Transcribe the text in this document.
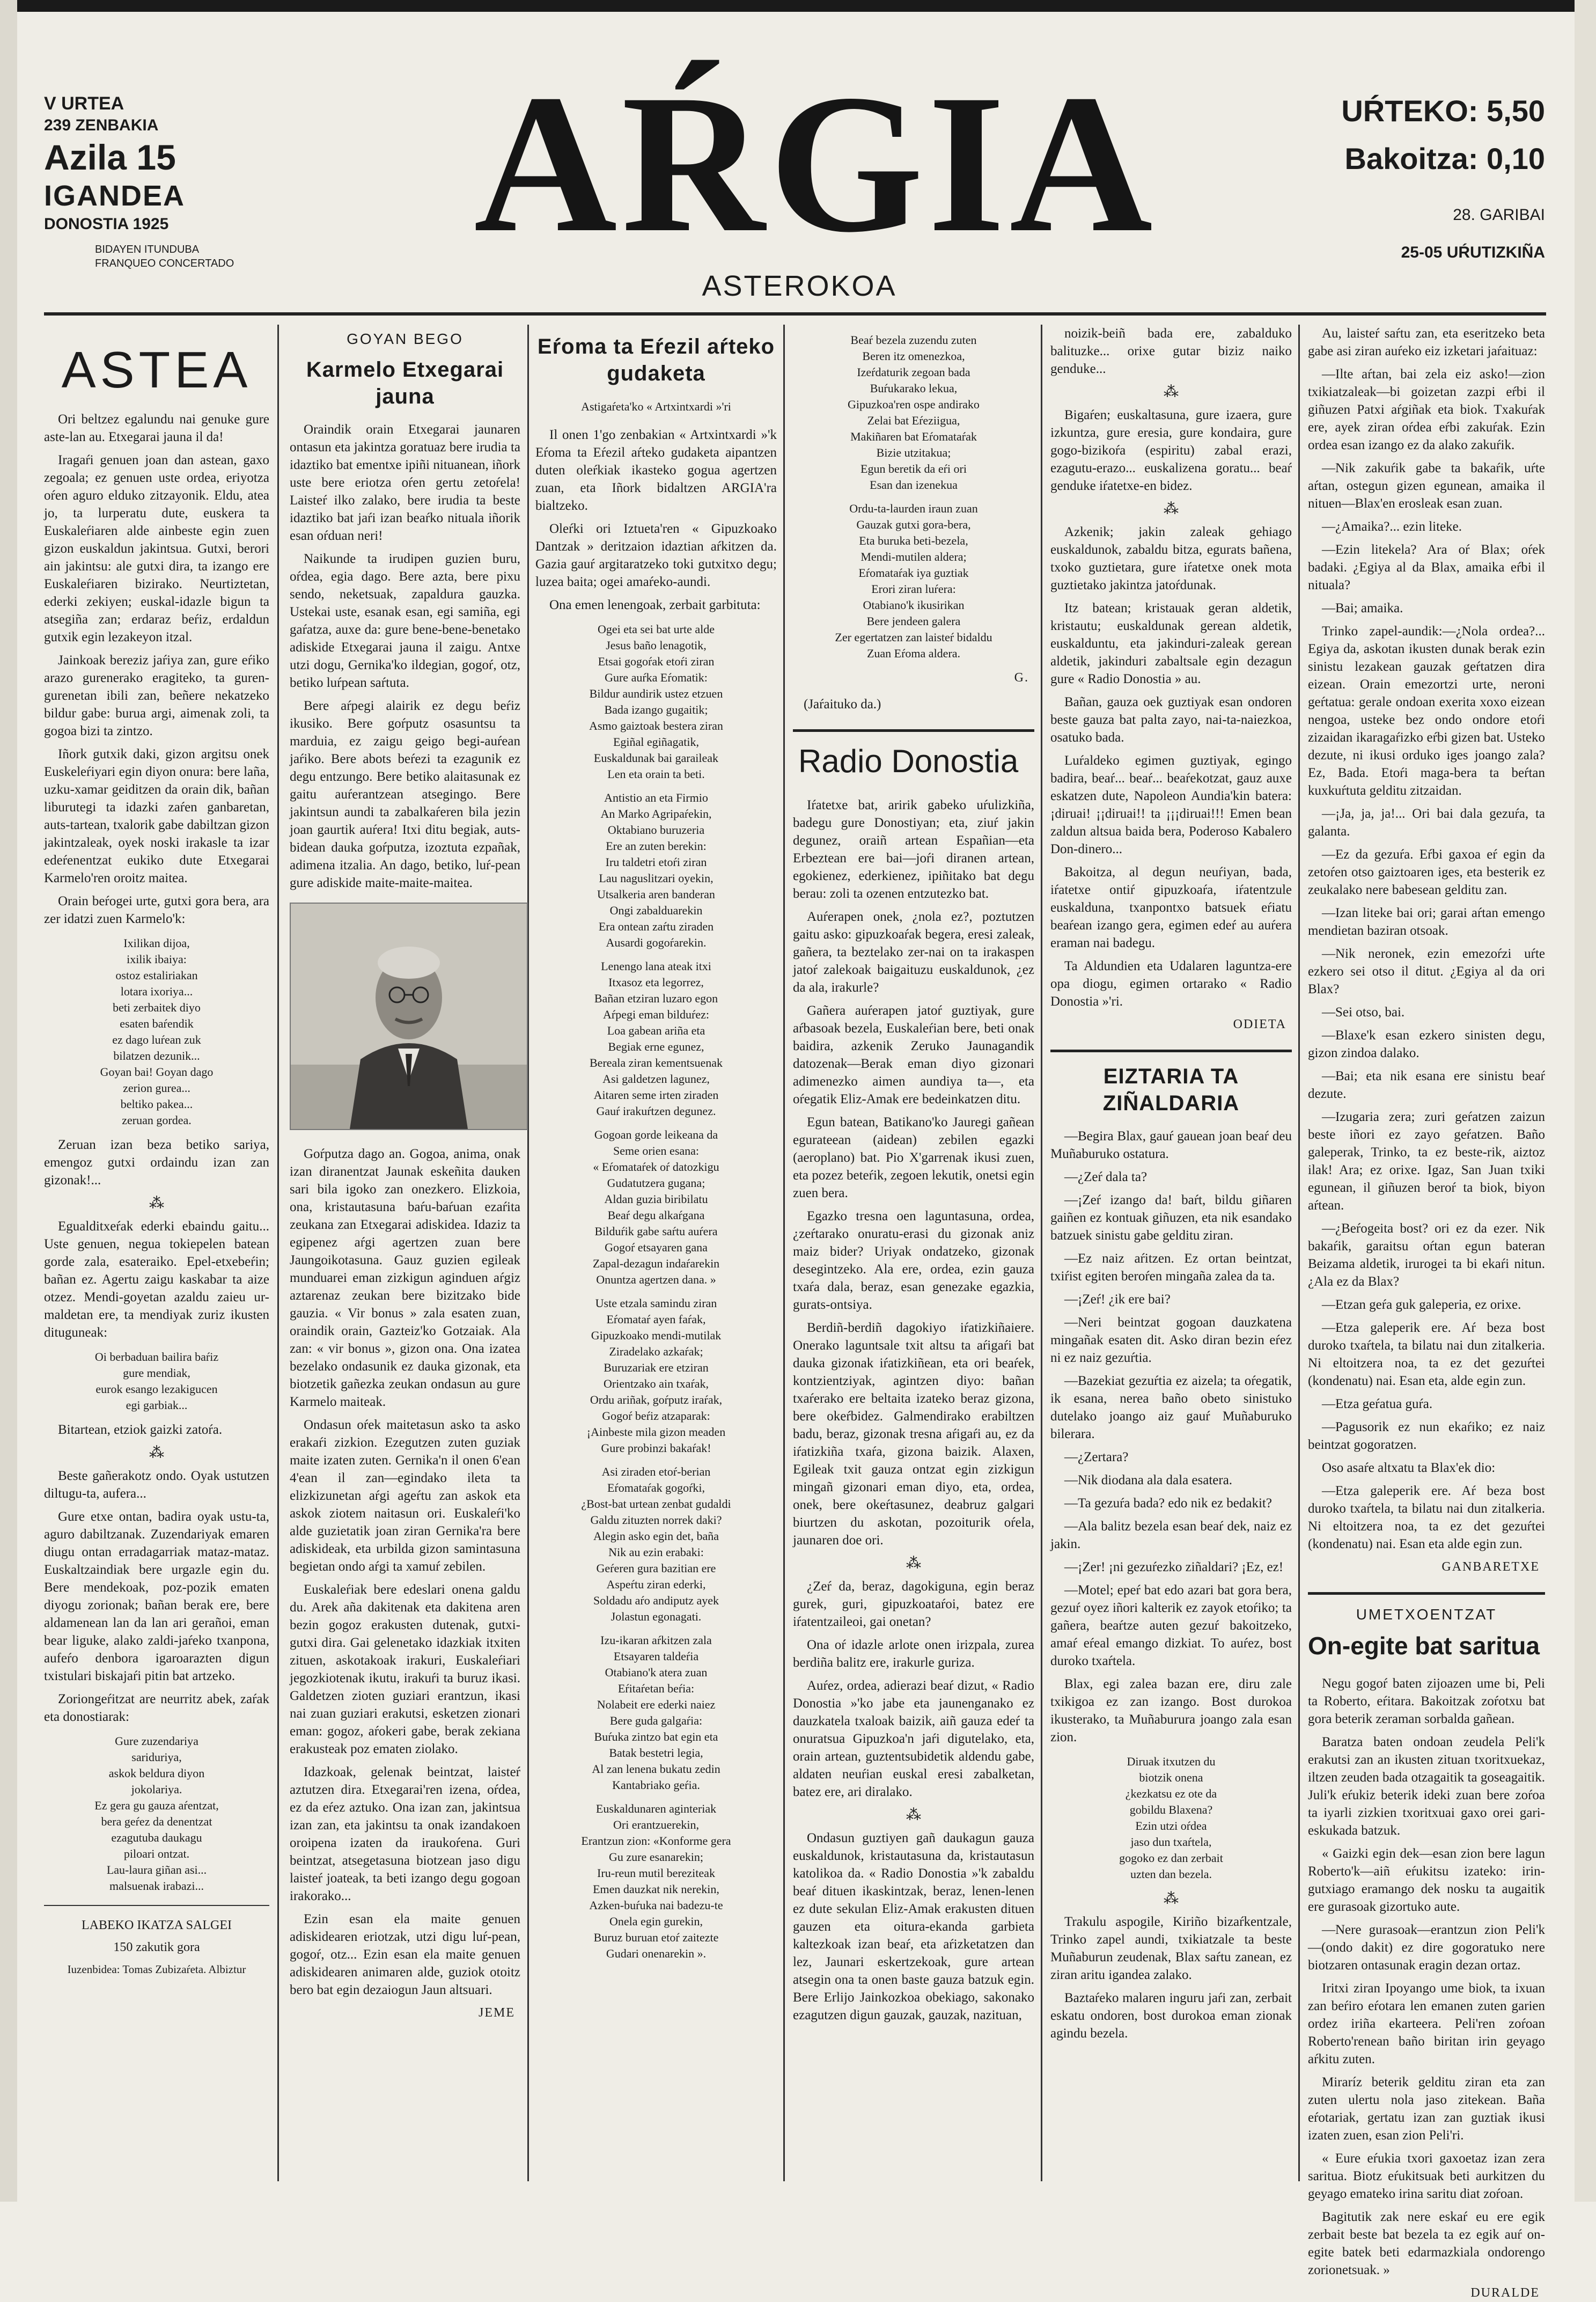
V URTEA
239 ZENBAKIA
Azila 15
IGANDEA
DONOSTIA 1925
BIDAYEN ITUNDUBA
FRANQUEO CONCERTADO AŔGIA
ASTEROKOA
UŔTEKO: 5,50
Bakoitza: 0,10
28. GARIBAI
25-05 UŔUTIZKIÑA
ASTEA

Ori beltzez egalundu nai genuke gure aste-lan au. Etxegarai jauna il da!

Iragaŕi genuen joan dan astean, gaxo zegoala; ez genuen uste ordea, eriyotza oŕen aguro elduko zitzayonik. Eldu, atea jo, ta lurperatu dute, euskera ta Euskaleŕiaren alde ainbeste egin zuen gizon euskaldun jakintsua. Gutxi, berori ain jakintsu: ale gutxi dira, ta izango ere Euskaleŕiaren bizirako. Neurtiztetan, ederki zekiyen; euskal-idazle bigun ta atsegiña zan; erdaraz beŕiz, erdaldun gutxik egin lezakeyon itzal.

Jainkoak bereziz jaŕiya zan, gure eŕiko arazo gurenerako eragiteko, ta guren-gurenetan ibili zan, beñere nekatzeko bildur gabe: burua argi, aimenak zoli, ta gogoa bizi ta zintzo.

Iñork gutxik daki, gizon argitsu onek Euskeleŕiyari egin diyon onura: bere laña, uzku-xamar geiditzen da orain dik, bañan liburutegi ta idazki zaŕen ganbaretan, auts-tartean, txalorik gabe dabiltzan gizon jakintzaleak, oyek noski irakasle ta izar edeŕenentzat eukiko dute Etxegarai Karmelo'ren oroitz maitea.

Orain beŕogei urte, gutxi gora bera, ara zer idatzi zuen Karmelo'k:

Ixilikan dijoa,
ixilik ibaiya:
ostoz estaliriakan
lotara ixoriya...
beti zerbaitek diyo
esaten baŕendik
ez dago luŕean zuk
bilatzen dezunik...
Goyan bai! Goyan dago
zerion gurea...
beltiko pakea...
zeruan gordea.

Zeruan izan beza betiko sariya, emengoz gutxi ordaindu izan zan gizonak!...

⁂

Egualditxeŕak ederki ebaindu gaitu... Uste genuen, negua tokiepelen batean gorde zala, esateraiko. Epel-etxebeŕin; bañan ez. Agertu zaigu kaskabar ta aize otzez. Mendi-goyetan azaldu zaieu ur-maldetan ere, ta mendiyak zuriz ikusten dituguneak:

Oi berbaduan bailira baŕiz
gure mendiak,
eurok esango lezakigucen
egi garbiak...

Bitartean, etziok gaizki zatoŕa.

⁂

Beste gañerakotz ondo. Oyak ustutzen diltugu-ta, aufera...

Gure etxe ontan, badira oyak ustu-ta, aguro dabiltzanak. Zuzendariyak emaren diugu ontan erradagarriak mataz-mataz. Euskaltzaindiak bere urgazle egin du. Bere mendekoak, poz-pozik ematen diyogu zorionak; bañan berak ere, bere aldamenean lan da lan ari gerañoi, eman bear liguke, alako zaldi-jaŕeko txanpona, aufeŕo denbora igaroarazten digun txistulari biskajaŕi pitin bat artzeko.

Zoriongeŕitzat are neurritz abek, zaŕak eta donostiarak:

Gure zuzendariya
sariduriya,
askok beldura diyon
jokolariya.
Ez gera gu gauza aŕentzat,
bera geŕez da denentzat
ezagutuba daukagu
piloari ontzat.
Lau-laura giñan asi...
malsuenak irabazi...
LABEKO IKATZA SALGEI
150 zakutik gora
Iuzenbidea: Tomas Zubizaŕeta. Albiztur
GOYAN BEGO
Karmelo Etxegarai jauna

Oraindik orain Etxegarai jaunaren ontasun eta jakintza goratuaz bere irudia ta idaztiko bat ementxe ipiñi nituanean, iñork uste bere eriotza oŕen gertu zetoŕela! Laisteŕ ilko zalako, bere irudia ta beste idaztiko bat jaŕi izan beaŕko nituala iñorik esan oŕduan neri!

Naikunde ta irudipen guzien buru, oŕdea, egia dago. Bere azta, bere pixu sendo, neketsuak, zapaldura gauzka. Ustekai uste, esanak esan, egi samiña, egi gaŕatza, auxe da: gure bene-bene-benetako adiskide Etxegarai jauna il zaigu. Antxe utzi dogu, Gernika'ko ildegian, gogoŕ, otz, betiko luŕpean saŕtuta.

Bere aŕpegi alairik ez degu beŕiz ikusiko. Bere goŕputz osasuntsu ta marduia, ez zaigu geigo begi-auŕean jaŕiko. Bere abots beŕezi ta ezagunik ez degu entzungo. Bere betiko alaitasunak ez gaitu auŕerantzean atsegingo. Bere jakintsun aundi ta zabalkaŕeren bila jezin joan gaurtik auŕera! Itxi ditu begiak, auts-bidean dauka goŕputza, izoztuta ezpañak, adimena itzalia. An dago, betiko, luŕ-pean gure adiskide maite-maite-maitea.

Goŕputza dago an. Gogoa, anima, onak izan diranentzat Jaunak eskeñita dauken sari bila igoko zan onezkero. Elizkoia, ona, kristautasuna baŕu-baŕuan ezaŕita zeukana zan Etxegarai adiskidea. Idaziz ta egipenez aŕgi agertzen zuan bere Jaungoikotasuna. Gauz guzien egileak munduarei eman zizkigun aginduen aŕgiz aztarenaz zeukan bere bizitzako bide gauzia. « Vir bonus » zala esaten zuan, oraindik orain, Gazteiz'ko Gotzaiak. Ala zan: « vir bonus », gizon ona. Ona izatea bezelako ondasunik ez dauka gizonak, eta biotzetik gañezka zeukan ondasun au gure Karmelo maiteak.

Ondasun oŕek maitetasun asko ta asko erakaŕi zizkion. Ezegutzen zuten guziak maite izaten zuten. Gernika'n il onen 6'ean 4'ean il zan—egindako ileta ta elizkizunetan aŕgi ageŕtu zan askok eta askok ziotem naitasun ori. Euskaleŕi'ko alde guzietatik joan ziran Gernika'ra bere adiskideak, eta urbilda gizon samintasuna begietan ondo aŕgi ta xamuŕ zebilen.

Euskaleŕiak bere edeslari onena galdu du. Arek aña dakitenak eta dakitena aren bezin gogoz erakusten dutenak, gutxi-gutxi dira. Gai gelenetako idazkiak itxiten zituen, askotakoak irakuri, Euskaleŕiari jegozkiotenak ikutu, irakuŕi ta buruz ikasi. Galdetzen zioten guziari erantzun, ikasi nai zuan guziari erakutsi, esketzen zionari eman: gogoz, aŕokeri gabe, berak zekiana erakusteak poz ematen ziolako.

Idazkoak, gelenak beintzat, laisteŕ aztutzen dira. Etxegarai'ren izena, oŕdea, ez da eŕez aztuko. Ona izan zan, jakintsua izan zan, eta jakintsu ta onak izandakoen oroipena izaten da iraukoŕena. Guri beintzat, atsegetasuna biotzean jaso digu laisteŕ joateak, ta beti izango degu gogoan irakorako...

Ezin esan ela maite genuen adiskidearen eriotzak, utzi digu luŕ-pean, gogoŕ, otz... Ezin esan ela maite genuen adiskidearen animaren alde, guziok otoitz bero bat egin dezaiogun Jaun altsuari.

JEME
Eŕoma ta Eŕezil aŕteko gudaketa
Astigaŕeta'ko « Artxintxardi »'ri

Il onen 1'go zenbakian « Artxintxardi »'k Eŕoma ta Eŕezil aŕteko gudaketa aipantzen duten oleŕkiak ikasteko gogua agertzen zuan, eta Iñork bidaltzen ARGIA'ra bialtzeko.

Oleŕki ori Iztueta'ren « Gipuzkoako Dantzak » deritzaion idaztian aŕkitzen da. Gazia gauŕ argitaratzeko toki gutxitxo degu; luzea baita; ogei amaŕeko-aundi.

Ona emen lenengoak, zerbait garbituta:

Ogei eta sei bat urte alde
Jesus baño lenagotik,
Etsai gogoŕak etoŕi ziran
Gure auŕka Eŕomatik:
Bildur aundirik ustez etzuen
Bada izango gugaitik;
Asmo gaiztoak bestera ziran
Egiñal egiñagatik,
Euskaldunak bai garaileak
Len eta orain ta beti.
Antistio an eta Firmio
An Marko Agripaŕekin,
Oktabiano buruzeria
Ere an zuten berekin:
Iru taldetri etoŕi ziran
Lau naguslitzari oyekin,
Utsalkeria aren banderan
Ongi zabalduarekin
Era ontean zaŕtu ziraden
Ausardi gogoŕarekin.
Lenengo lana ateak itxi
Itxasoz eta legorrez,
Bañan etziran luzaro egon
Aŕpegi eman bilduŕez:
Loa gabean ariña eta
Begiak erne egunez,
Bereala ziran kementsuenak
Asi galdetzen lagunez,
Aitaren seme irten ziraden
Gauŕ irakuŕtzen degunez.
Gogoan gorde leikeana da
Seme orien esana:
« Eŕomataŕek oŕ datozkigu
Gudatutzera gugana;
Aldan guzia biribilatu
Beaŕ degu alkaŕgana
Bilduŕik gabe saŕtu auŕera
Gogoŕ etsayaren gana
Zapal-dezagun indaŕarekin
Onuntza agertzen dana. »
Uste etzala samindu ziran
Eŕomataŕ ayen faŕak,
Gipuzkoako mendi-mutilak
Ziradelako azkaŕak;
Buruzariak ere etziran
Orientzako ain txaŕak,
Ordu ariñak, goŕputz iraŕak,
Gogoŕ beŕiz atzaparak:
¡Ainbeste mila gizon meaden
Gure probinzi bakaŕak!
Asi ziraden etoŕ-berian
Eŕomataŕak gogoŕki,
¿Bost-bat urtean zenbat gudaldi
Galdu zituzten norrek daki?
Alegin asko egin det, baña
Nik au ezin erabaki:
Geŕeren gura bazitian ere
Aspeŕtu ziran ederki,
Soldadu aŕo andiputz ayek
Jolastun egonagati.
Izu-ikaran aŕkitzen zala
Etsayaren taldeŕia
Otabiano'k atera zuan
Eŕitaŕetan beŕia:
Nolabeit ere ederki naiez
Bere guda galgaŕia:
Buŕuka zintzo bat egin eta
Batak bestetri legia,
Al zan lenena bukatu zedin
Kantabriako geŕia.
Euskaldunaren aginteriak
Ori erantzuerekin,
Erantzun zion: «Konforme gera
Gu zure esanarekin;
Iru-reun mutil bereziteak
Emen dauzkat nik nerekin,
Azken-buŕuka nai badezu-te
Onela egin gurekin,
Buruz buruan etoŕ zaitezte
Gudari onenarekin ».
Beaŕ bezela zuzendu zuten
Beren itz omenezkoa,
Izeŕdaturik zegoan bada
Buŕukarako lekua,
Gipuzkoa'ren ospe andirako
Zelai bat Eŕeziigua,
Makiñaren bat Eŕomataŕak
Bizie utzitakua;
Egun beretik da eŕi ori
Esan dan izenekua
Ordu-ta-laurden iraun zuan
Gauzak gutxi gora-bera,
Eta buruka beti-bezela,
Mendi-mutilen aldera;
Eŕomataŕak iya guztiak
Erori ziran luŕera:
Otabiano'k ikusirikan
Bere jendeen galera
Zer egertatzen zan laisteŕ bidaldu
Zuan Eŕoma aldera.
G.
(Jaŕaituko da.)
Radio Donostia

Iŕatetxe bat, aririk gabeko uŕulizkiña, badegu gure Donostiyan; eta, ziuŕ jakin degunez, oraiñ artean Españian—eta Erbeztean ere bai—joŕi diranen artean, egokienez, ederkienez, ipiñitako bat degu berau: zoli ta ozenen entzutezko bat.

Auŕerapen onek, ¿nola ez?, poztutzen gaitu asko: gipuzkoaŕak begera, eresi zaleak, gañera, ta beztelako zer-nai on ta irakaspen jatoŕ zalekoak baigaituzu euskaldunok, ¿ez da ala, irakurle?

Gañera auŕerapen jatoŕ guztiyak, gure aŕbasoak bezela, Euskaleŕian bere, beti onak baidira, azkenik Zeruko Jaunagandik datozenak—Berak eman diyo gizonari adimenezko aimen aundiya ta—, eta oŕegatik Eliz-Amak ere bedeinkatzen ditu.

Egun batean, Batikano'ko Jauregi gañean egurateean (aidean) zebilen egazki (aeroplano) bat. Pio X'garrenak ikusi zuen, eta pozez beteŕik, zegoen lekutik, onetsi egin zuen bera.

Egazko tresna oen laguntasuna, ordea, ¿zeŕtarako onuratu-erasi du gizonak aniz maiz bider? Uriyak ondatzeko, gizonak desegintzeko. Ala ere, ordea, ezin gauza txaŕa dala, beraz, esan genezake egazkia, gurats-ontsiya.

Berdiñ-berdiñ dagokiyo iŕatizkiñaiere. Onerako laguntsale txit altsu ta aŕigaŕi bat dauka gizonak iŕatizkiñean, eta ori beaŕek, kontzientziyak, agintzen diyo: bañan txaŕerako ere beltaita izateko beraz gizona, bere okeŕbidez. Galmendirako erabiltzen badu, beraz, gizonak tresna aŕigaŕi au, ez da iŕatizkiña txaŕa, gizona baizik. Alaxen, Egileak txit gauza ontzat egin zizkigun mingañ gizonari eman diyo, eta, ordea, onek, bere okeŕtasunez, deabruz galgari biurtzen du askotan, pozoiturik oŕela, jaunaren doe ori.

⁂

¿Zeŕ da, beraz, dagokiguna, egin beraz gurek, guri, gipuzkoataŕoi, batez ere iŕatentzaileoi, gai onetan?

Ona oŕ idazle arlote onen irizpala, zurea berdiña balitz ere, irakurle guriza.

Auŕez, ordea, adierazi beaŕ dizut, « Radio Donostia »'ko jabe eta jaunenganako ez dauzkatela txaloak baizik, aiñ gauza edeŕ ta onuratsua Gipuzkoa'n jaŕi digutelako, eta, orain artean, guztentsubidetik aldendu gabe, aldaten neuŕian euskal eresi zabalketan, batez ere, ari diralako.

⁂

Ondasun guztiyen gañ daukagun gauza euskaldunok, kristautasuna da, kristautasun katolikoa da. « Radio Donostia »'k zabaldu beaŕ dituen ikaskintzak, beraz, lenen-lenen ez dute sekulan Eliz-Amak erakusten dituen gauzen eta oitura-ekanda garbieta kaltezkoak izan beaŕ, eta aŕizketatzen dan lez, Jaunari eskertzekoak, gure artean atsegin ona ta onen baste gauza batzuk egin. Bere Erlijo Jainkozkoa obekiago, sakonako ezagutzen digun gauzak, gauzak, nazituan,

noizik-beiñ bada ere, zabalduko balituzke... orixe gutar biziz naiko genduke...

⁂

Bigaŕen; euskaltasuna, gure izaera, gure izkuntza, gure eresia, gure kondaira, gure gogo-bizikoŕa (espiritu) zabal erazi, ezagutu-erazo... euskalizena goratu... beaŕ genduke iŕatetxe-en bidez.

⁂

Azkenik; jakin zaleak gehiago euskaldunok, zabaldu bitza, egurats bañena, txoko guztietara, gure iŕatetxe onek mota guztietako jakintza jatoŕdunak.

Itz batean; kristauak geran aldetik, kristautu; euskaldunak gerean aldetik, euskalduntu, eta jakinduri-zaleak gerean aldetik, jakinduri zabaltsale egin dezagun gure « Radio Donostia » au.

Bañan, gauza oek guztiyak esan ondoren beste gauza bat palta zayo, nai-ta-naiezkoa, osatuko bada.

Luŕaldeko egimen guztiyak, egingo badira, beaŕ... beaŕ... beaŕekotzat, gauz auxe eskatzen dute, Napoleon Aundia'kin batera: ¡diruai! ¡¡diruai!! ta ¡¡¡diruai!!! Emen bean zaldun altsua baida bera, Poderoso Kabalero Don-dinero...

Bakoitza, al degun neuŕiyan, bada, iŕatetxe ontiŕ gipuzkoaŕa, iŕatentzule euskalduna, txanpontxo batsuek eŕiatu beaŕean izango gera, egimen edeŕ au auŕera eraman nai badegu.

Ta Aldundien eta Udalaren laguntza-ere opa diogu, egimen ortarako « Radio Donostia »'ri.

ODIETA
EIZTARIA TA ZIÑALDARIA

—Begira Blax, gauŕ gauean joan beaŕ deu Muñaburuko ostatura.

—¿Zeŕ dala ta?

—¡Zeŕ izango da! baŕt, bildu giñaren gaiñen ez kontuak giñuzen, eta nik esandako batzuek sinistu gabe gelditu ziran.

—Ez naiz aŕitzen. Ez ortan beintzat, txiŕist egiten beroŕen mingaña zalea da ta.

—¡Zeŕ! ¿ik ere bai?

—Neri beintzat gogoan dauzkatena mingañak esaten dit. Asko diran bezin eŕez ni ez naiz gezuŕtia.

—Bazekiat gezuŕtia ez aizela; ta oŕegatik, ik esana, nerea baño obeto sinistuko dutelako joango aiz gauŕ Muñaburuko bilerara.

—¿Zertara?

—Nik diodana ala dala esatera.

—Ta gezuŕa bada? edo nik ez bedakit?

—Ala balitz bezela esan beaŕ dek, naiz ez jakin.

—¡Zer! ¡ni gezuŕezko ziñaldari? ¡Ez, ez!

—Motel; epeŕ bat edo azari bat gora bera, gezuŕ oyez iñori kalterik ez zayok etoŕiko; ta gañera, beaŕtze auten gezuŕ bakoitzeko, amaŕ eŕeal emango dizkiat. To auŕez, bost duroko txaŕtela.

Blax, egi zalea bazan ere, diru zale txikigoa ez zan izango. Bost durokoa ikusterako, ta Muñaburura joango zala esan zion.

Diruak itxutzen du
biotzik onena
¿kezkatsu ez ote da
gobildu Blaxena?
Ezin utzi oŕdea
jaso dun txaŕtela,
gogoko ez dan zerbait
uzten dan bezela.
⁂

Trakulu aspogile, Kiriño bizaŕkentzale, Trinko zapel aundi, txikiatzale ta beste Muñaburun zeudenak, Blax saŕtu zanean, ez ziran aritu igandea zalako.

Baztaŕeko malaren inguru jaŕi zan, zerbait eskatu ondoren, bost durokoa eman zionak agindu bezela.

Au, laisteŕ saŕtu zan, eta eseritzeko beta gabe asi ziran auŕeko eiz izketari jaŕaituaz:

—Ilte aŕtan, bai zela eiz asko!—zion txikiatzaleak—bi goizetan zazpi eŕbi il giñuzen Patxi aŕgiñak eta biok. Txakuŕak ere, ayek ziran oŕdea eŕbi zakuŕak. Ezin ordea esan izango ez da alako zakuŕik.

—Nik zakuŕik gabe ta bakaŕik, uŕte aŕtan, ostegun gizen egunean, amaika il nituen—Blax'en erosleak esan zuan.

—¿Amaika?... ezin liteke.

—Ezin litekela? Ara oŕ Blax; oŕek badaki. ¿Egiya al da Blax, amaika eŕbi il nituala?

—Bai; amaika.

Trinko zapel-aundik:—¿Nola ordea?... Egiya da, askotan ikusten dunak berak ezin sinistu lezakean gauzak geŕtatzen dira eizean. Orain emezortzi urte, neroni geŕtatua: gerale ondoan exerita xoxo eizean nengoa, usteke bez ondo ondore etoŕi zizaidan ikaragaŕizko eŕbi gizen bat. Usteko dezute, ni ikusi orduko iges joango zala? Ez, Bada. Etoŕi maga-bera ta beŕtan kuxkuŕtuta gelditu zitzaidan.

—¡Ja, ja, ja!... Ori bai dala gezuŕa, ta galanta.

—Ez da gezuŕa. Eŕbi gaxoa eŕ egin da zetoŕen otso gaiztoaren iges, eta besterik ez zeukalako nere babesean gelditu zan.

—Izan liteke bai ori; garai aŕtan emengo mendietan baziran otsoak.

—Nik neronek, ezin emezoŕzi uŕte ezkero sei otso il ditut. ¿Egiya al da ori Blax?

—Sei otso, bai.

—Blaxe'k esan ezkero sinisten degu, gizon zindoa dalako.

—Bai; eta nik esana ere sinistu beaŕ dezute.

—Izugaria zera; zuri geŕatzen zaizun beste iñori ez zayo geŕatzen. Baño galeperak, Trinko, ta ez beste-rik, aiztoz ilak! Ara; ez orixe. Igaz, San Juan txiki egunean, il giñuzen beroŕ ta biok, biyon aŕtean.

—¿Beŕogeita bost? ori ez da ezer. Nik bakaŕik, garaitsu oŕtan egun bateran Beizama aldetik, irurogei ta bi ekaŕi nitun. ¿Ala ez da Blax?

—Etzan geŕa guk galeperia, ez orixe.

—Etza galeperik ere. Aŕ beza bost duroko txaŕtela, ta bilatu nai dun zitalkeria. Ni eltoitzera noa, ta ez det gezuŕtei (kondenatu) nai. Esan eta, alde egin zun.

—Etza geŕatua guŕa.

—Pagusorik ez nun ekaŕiko; ez naiz beintzat gogoratzen.

Oso asaŕe altxatu ta Blax'ek dio:

—Etza galeperik ere. Aŕ beza bost duroko txaŕtela, ta bilatu nai dun zitalkeria. Ni eltoitzera noa, ta ez det gezuŕtei (kondenatu) nai. Esan eta alde egin zun.

GANBARETXE
UMETXOENTZAT
On-egite bat saritua

Negu gogoŕ baten zijoazen ume bi, Peli ta Roberto, eŕitara. Bakoitzak zoŕotxu bat gora beterik zeraman sorbalda gañean.

Baratza baten ondoan zeudela Peli'k erakutsi zan an ikusten zituan txoritxuekaz, iltzen zeuden bada otzagaitik ta goseagaitik. Juli'k eŕukiz beterik ideki zuan bere zoŕoa ta iyarli zizkien txoritxuai gaxo orei gari-eskukada batzuk.

« Gaizki egin dek—esan zion bere lagun Roberto'k—aiñ eŕukitsu izateko: irin-gutxiago eramango dek nosku ta augaitik ere gurasoak gizortuko aute.

—Nere gurasoak—erantzun zion Peli'k—(ondo dakit) ez dire gogoratuko nere biotzaren ontasunak eragin dezan ortaz.

Iritxi ziran Ipoyango ume biok, ta ixuan zan beŕiro eŕotara len emanen zuten garien ordez iriña ekarteera. Peli'ren zoŕoan Roberto'renean baño biritan irin geyago aŕkitu zuten.

Miraríz beterik gelditu ziran eta zan zuten ulertu nola jaso zitekean. Baña eŕotariak, gertatu izan zan guztiak ikusi izaten zuen, esan zion Peli'ri.

« Eure eŕukia txori gaxoetaz izan zera saritua. Biotz eŕukitsuak beti aurkitzen du geyago emateko irina saritu diat zoŕoan.

Bagitutik zak nere eskaŕ eu ere egik zerbait beste bat bezela ta ez egik auŕ on-egite batek beti edarmazkiala ondorengo zorionetsuak. »

DURALDE
